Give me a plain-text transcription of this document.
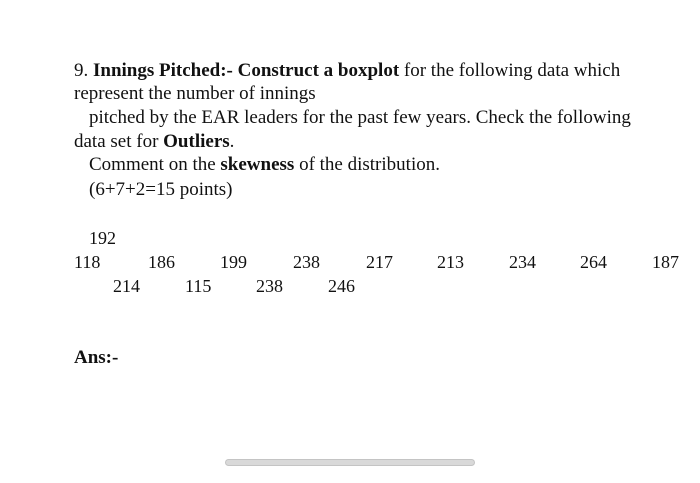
9. Innings Pitched:- Construct a boxplot for the following data which
represent the number of innings
pitched by the EAR leaders for the past few years. Check the following
data set for Outliers.
Comment on the skewness of the distribution.
(6+7+2=15 points)
192
118	186	199	238	217 213	234 264	187
214	115 238	246
Ans:-
